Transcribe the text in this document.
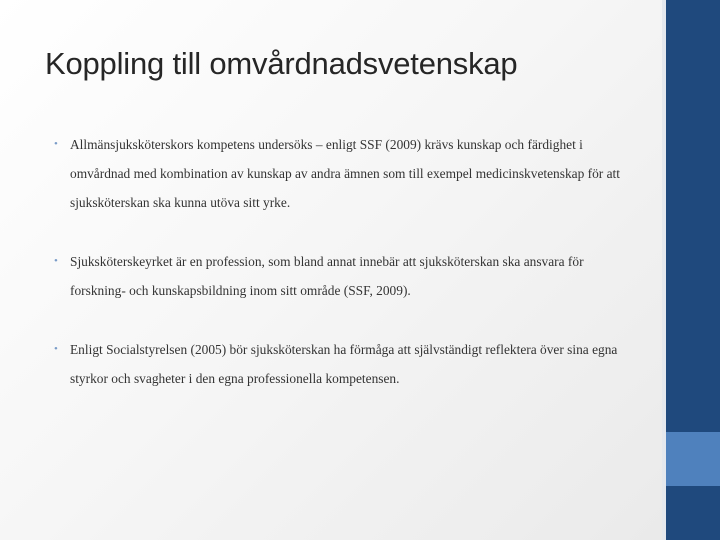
Koppling till omvårdnadsvetenskap
• Allmänsjuksköterskors kompetens undersöks – enligt SSF (2009) krävs kunskap och färdighet i omvårdnad med kombination av kunskap av andra ämnen som till exempel medicinskvetenskap för att sjuksköterskan ska kunna utöva sitt yrke.
• Sjuksköterskeyrket är en profession, som bland annat innebär att sjuksköterskan ska ansvara för forskning- och kunskapsbildning inom sitt område (SSF, 2009).
• Enligt Socialstyrelsen (2005) bör sjuksköterskan ha förmåga att självständigt reflektera över sina egna styrkor och svagheter i den egna professionella kompetensen.
